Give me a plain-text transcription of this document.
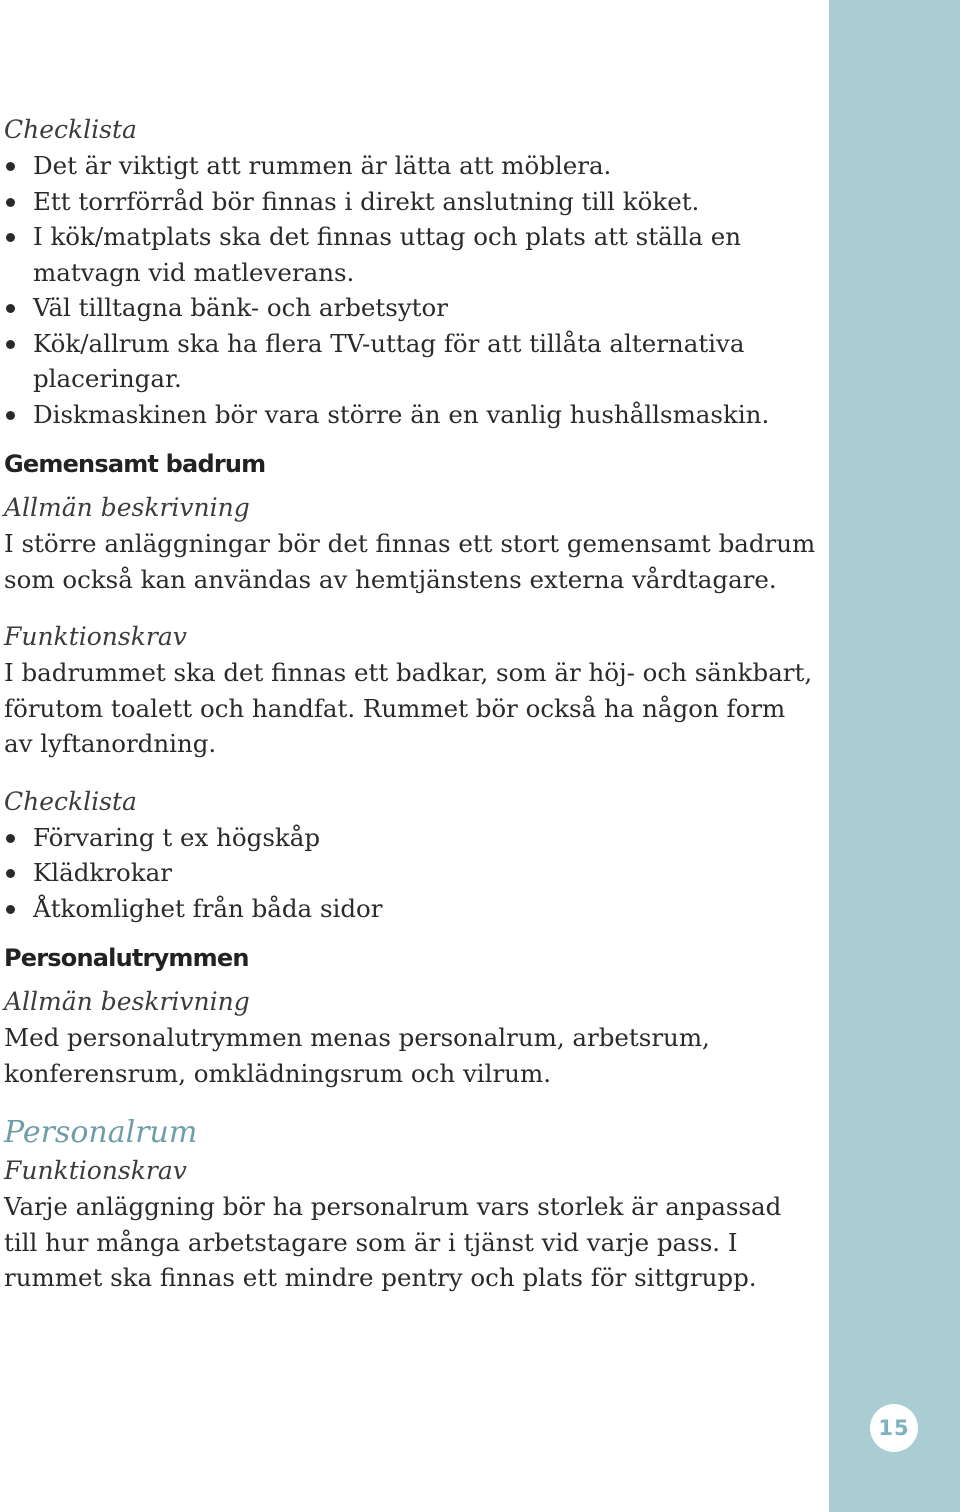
15

Checklista

Det är viktigt att rummen är lätta att möblera.
Ett torrförråd bör finnas i direkt anslutning till köket.
I kök/matplats ska det finnas uttag och plats att ställa en matvagn vid matleverans.
Väl tilltagna bänk- och arbetsytor
Kök/allrum ska ha flera TV-uttag för att tillåta alternativa placeringar.
Diskmaskinen bör vara större än en vanlig hushållsmaskin.

Gemensamt badrum

Allmän beskrivning

I större anläggningar bör det finnas ett stort gemensamt badrum som också kan användas av hemtjänstens externa vårdtagare.

Funktionskrav

I badrummet ska det finnas ett badkar, som är höj- och sänkbart, förutom toalett och handfat. Rummet bör också ha någon form av lyftanordning.

Checklista

Förvaring t ex högskåp
Klädkrokar
Åtkomlighet från båda sidor

Personalutrymmen

Allmän beskrivning

Med personalutrymmen menas personalrum, arbetsrum, konferensrum, omklädningsrum och vilrum.

Personalrum

Funktionskrav

Varje anläggning bör ha personalrum vars storlek är anpassad till hur många arbetstagare som är i tjänst vid varje pass. I rummet ska finnas ett mindre pentry och plats för sittgrupp.
